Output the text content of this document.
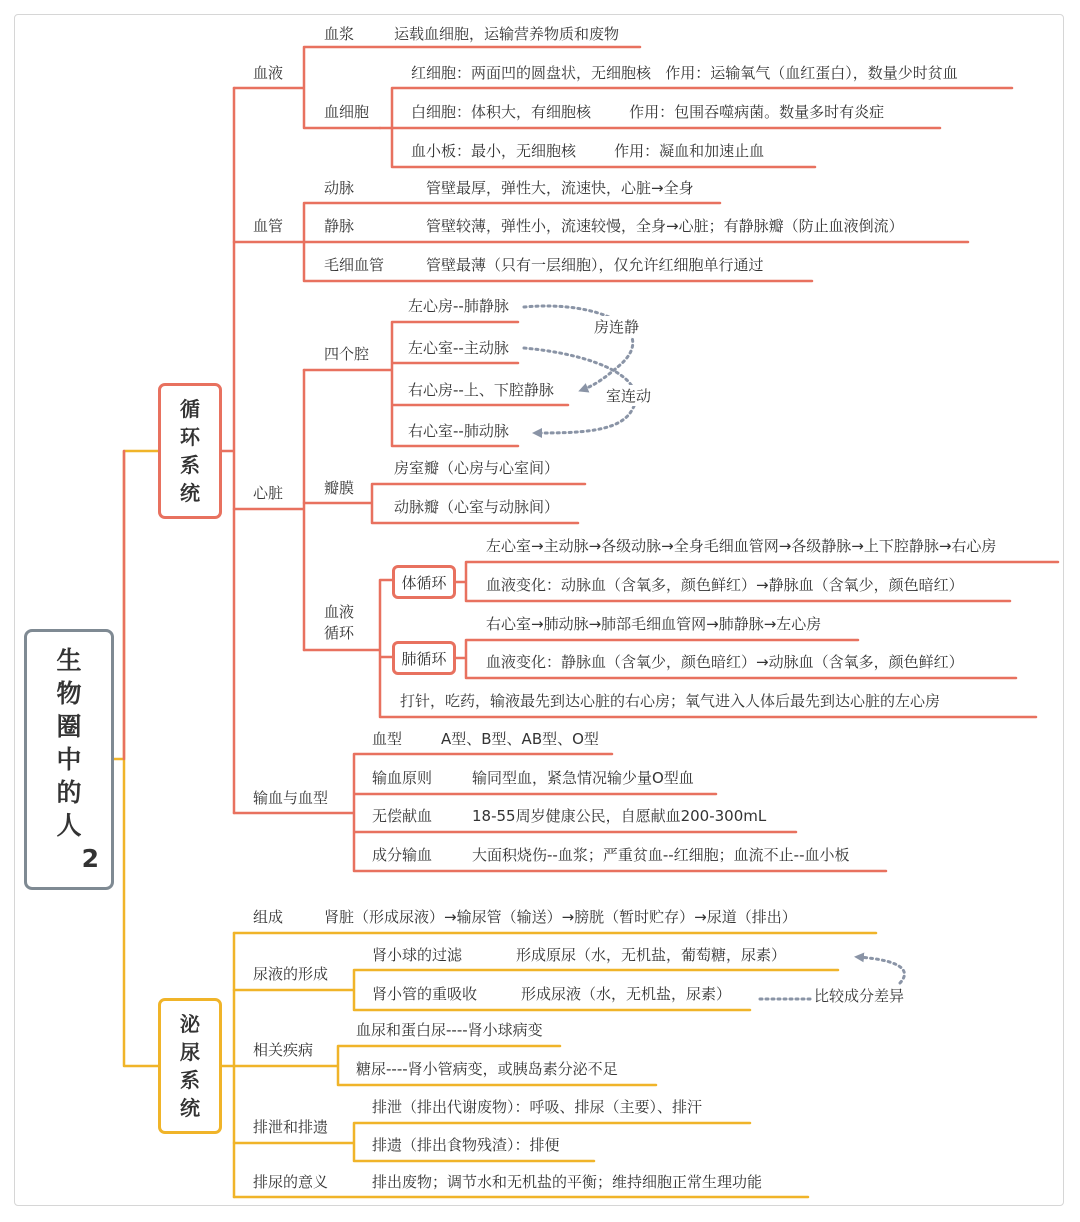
生
物
圈
中
的
人
2
循
环
系
统
泌
尿
系
统
血液
血浆	运载血细胞，运输营养物质和废物
血细胞
红细胞：两面凹的圆盘状，无细胞核   作用：运输氧气（血红蛋白），数量少时贫血
白细胞：体积大，有细胞核        作用：包围吞噬病菌。数量多时有炎症
血小板：最小，无细胞核        作用：凝血和加速止血
血管
动脉	管壁最厚，弹性大，流速快，心脏→全身
静脉	管壁较薄，弹性小，流速较慢，全身→心脏；有静脉瓣（防止血液倒流）
毛细血管	管壁最薄（只有一层细胞），仅允许红细胞单行通过
心脏
四个腔
左心房--肺静脉
左心室--主动脉
右心房--上、下腔静脉
右心室--肺动脉
房连静
室连动
瓣膜
房室瓣（心房与心室间）
动脉瓣（心室与动脉间）
血液
循环
体循环
左心室→主动脉→各级动脉→全身毛细血管网→各级静脉→上下腔静脉→右心房
血液变化：动脉血（含氧多，颜色鲜红）→静脉血（含氧少，颜色暗红）
肺循环
右心室→肺动脉→肺部毛细血管网→肺静脉→左心房
血液变化：静脉血（含氧少，颜色暗红）→动脉血（含氧多，颜色鲜红）
打针，吃药，输液最先到达心脏的右心房；氧气进入人体后最先到达心脏的左心房
输血与血型
血型	A型、B型、AB型、O型
输血原则	输同型血，紧急情况输少量O型血
无偿献血	18-55周岁健康公民，自愿献血200-300mL
成分输血	大面积烧伤--血浆；严重贫血--红细胞；血流不止--血小板
组成	肾脏（形成尿液）→输尿管（输送）→膀胱（暂时贮存）→尿道（排出）
尿液的形成
肾小球的过滤	形成原尿（水，无机盐，葡萄糖，尿素）
肾小管的重吸收	形成尿液（水，无机盐，尿素）	比较成分差异
相关疾病
血尿和蛋白尿----肾小球病变
糖尿----肾小管病变，或胰岛素分泌不足
排泄和排遗
排泄（排出代谢废物）：呼吸、排尿（主要）、排汗
排遗（排出食物残渣）：排便
排尿的意义	排出废物；调节水和无机盐的平衡；维持细胞正常生理功能
